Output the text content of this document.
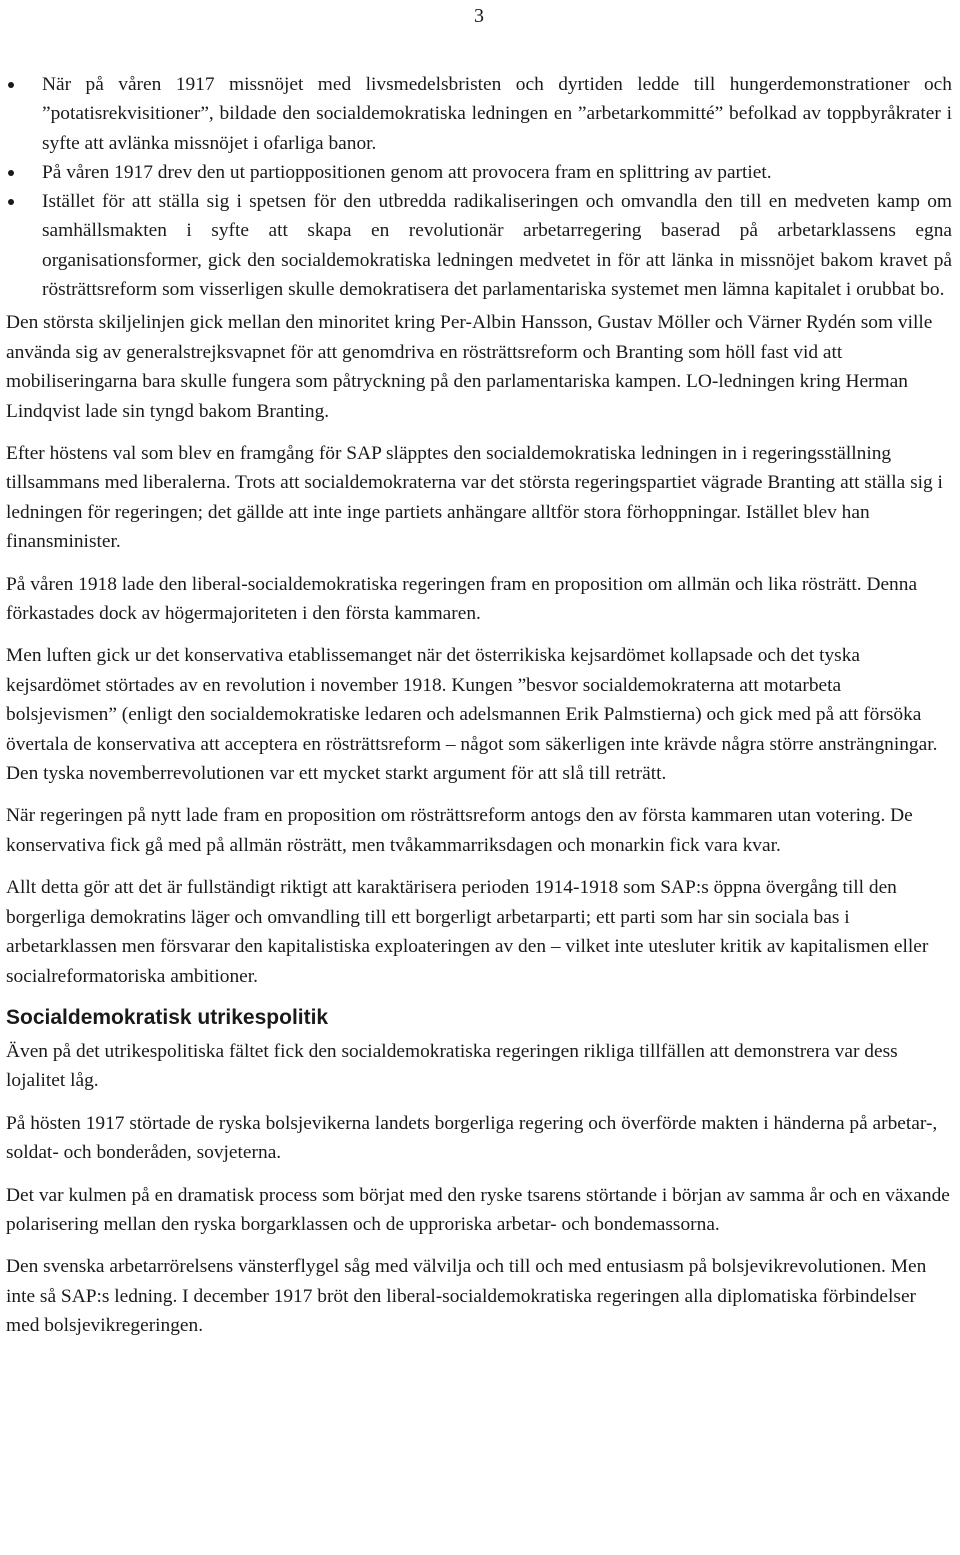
3
När på våren 1917 missnöjet med livsmedelsbristen och dyrtiden ledde till hungerdemonstrationer och ”potatisrekvisitioner”, bildade den socialdemokratiska ledningen en ”arbetarkommitté” befolkad av toppbyråkrater i syfte att avlänka missnöjet i ofarliga banor.
På våren 1917 drev den ut partioppositionen genom att provocera fram en splittring av partiet.
Istället för att ställa sig i spetsen för den utbredda radikaliseringen och omvandla den till en medveten kamp om samhällsmakten i syfte att skapa en revolutionär arbetarregering baserad på arbetarklassens egna organisationsformer, gick den socialdemokratiska ledningen medvetet in för att länka in missnöjet bakom kravet på rösträttsreform som visserligen skulle demokratisera det parlamentariska systemet men lämna kapitalet i orubbat bo.

Den största skiljelinjen gick mellan den minoritet kring Per-Albin Hansson, Gustav Möller och Värner Rydén som ville använda sig av generalstrejksvapnet för att genomdriva en rösträttsreform och Branting som höll fast vid att mobiliseringarna bara skulle fungera som påtryckning på den parlamentariska kampen. LO-ledningen kring Herman Lindqvist lade sin tyngd bakom Branting.

Efter höstens val som blev en framgång för SAP släpptes den socialdemokratiska ledningen in i regeringsställning tillsammans med liberalerna. Trots att socialdemokraterna var det största regeringspartiet vägrade Branting att ställa sig i ledningen för regeringen; det gällde att inte inge partiets anhängare alltför stora förhoppningar. Istället blev han finansminister.

På våren 1918 lade den liberal-socialdemokratiska regeringen fram en proposition om allmän och lika rösträtt. Denna förkastades dock av högermajoriteten i den första kammaren.

Men luften gick ur det konservativa etablissemanget när det österrikiska kejsardömet kollapsade och det tyska kejsardömet störtades av en revolution i november 1918. Kungen ”besvor socialdemokraterna att motarbeta bolsjevismen” (enligt den socialdemokratiske ledaren och adelsmannen Erik Palmstierna) och gick med på att försöka övertala de konservativa att acceptera en rösträttsreform – något som säkerligen inte krävde några större ansträngningar. Den tyska novemberrevolutionen var ett mycket starkt argument för att slå till reträtt.

När regeringen på nytt lade fram en proposition om rösträttsreform antogs den av första kammaren utan votering. De konservativa fick gå med på allmän rösträtt, men tvåkammarriksdagen och monarkin fick vara kvar.

Allt detta gör att det är fullständigt riktigt att karaktärisera perioden 1914-1918 som SAP:s öppna övergång till den borgerliga demokratins läger och omvandling till ett borgerligt arbetarparti; ett parti som har sin sociala bas i arbetarklassen men försvarar den kapitalistiska exploateringen av den – vilket inte utesluter kritik av kapitalismen eller socialreformatoriska ambitioner.

Socialdemokratisk utrikespolitik

Även på det utrikespolitiska fältet fick den socialdemokratiska regeringen rikliga tillfällen att demonstrera var dess lojalitet låg.

På hösten 1917 störtade de ryska bolsjevikerna landets borgerliga regering och överförde makten i händerna på arbetar-, soldat- och bonderåden, sovjeterna.

Det var kulmen på en dramatisk process som börjat med den ryske tsarens störtande i början av samma år och en växande polarisering mellan den ryska borgarklassen och de upproriska arbetar- och bondemassorna.

Den svenska arbetarrörelsens vänsterflygel såg med välvilja och till och med entusiasm på bolsjevikrevolutionen. Men inte så SAP:s ledning. I december 1917 bröt den liberal-socialdemokratiska regeringen alla diplomatiska förbindelser med bolsjevikregeringen.
